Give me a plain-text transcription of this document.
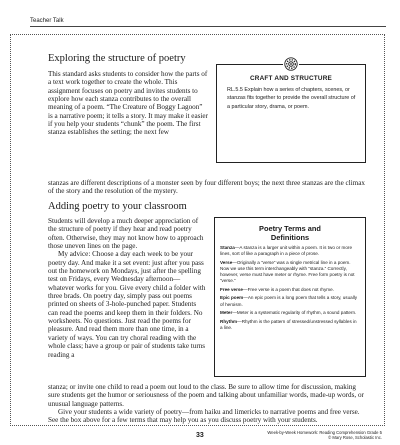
Teacher Talk
Exploring the structure of poetry

This standard asks students to consider how the parts of a text work together to create the whole. This assignment focuses on poetry and invites students to explore how each stanza contributes to the overall meaning of a poem. “The Creature of Boggy Lagoon” is a narrative poem; it tells a story. It may make it easier if you help your students “chunk” the poem. The first stanza establishes the setting; the next few

CRAFT AND STRUCTURE
RL.5.5 Explain how a series of chapters, scenes, or stanzas fits together to provide the overall structure of a particular story, drama, or poem.

stanzas are different descriptions of a monster seen by four different boys; the next three stanzas are the climax of the story and the resolution of the mystery.

Adding poetry to your classroom

Students will develop a much deeper appreciation of the structure of poetry if they hear and read poetry often. Otherwise, they may not know how to approach those uneven lines on the page.

My advice: Choose a day each week to be your poetry day. And make it a set event: just after you pass out the homework on Mondays, just after the spelling test on Fridays, every Wednesday afternoon—whatever works for you. Give every child a folder with three brads. On poetry day, simply pass out poems printed on sheets of 3-hole-punched paper. Students can read the poems and keep them in their folders. No worksheets. No questions. Just read the poems for pleasure. And read them more than one time, in a variety of ways. You can try choral reading with the whole class; have a group or pair of students take turns reading a

Poetry Terms and
Definitions

Stanza—A stanza is a larger unit within a poem. It is two or more lines, sort of like a paragraph in a piece of prose.

Verse—Originally a “verse” was a single metrical line in a poem. Now we use this term interchangeably with “stanza.” Correctly, however, verse must have meter or rhyme. Free form poetry is not “verse.”

Free verse—Free verse is a poem that does not rhyme.

Epic poem—An epic poem is a long poem that tells a story, usually of heroism.

Meter—Meter is a systematic regularity of rhythm, a sound pattern.

Rhythm—Rhythm is the pattern of stressed/unstressed syllables in a line.

stanza; or invite one child to read a poem out loud to the class. Be sure to allow time for discussion, making sure students get the humor or seriousness of the poem and talking about unfamiliar words, made-up words, or unusual language patterns.

Give your students a wide variety of poetry—from haiku and limericks to narrative poems and free verse. See the box above for a few terms that may help you as you discuss poetry with your students.

33	Week-by-Week Homework: Reading Comprehension Grade 5
© Mary Rose, Scholastic Inc.
